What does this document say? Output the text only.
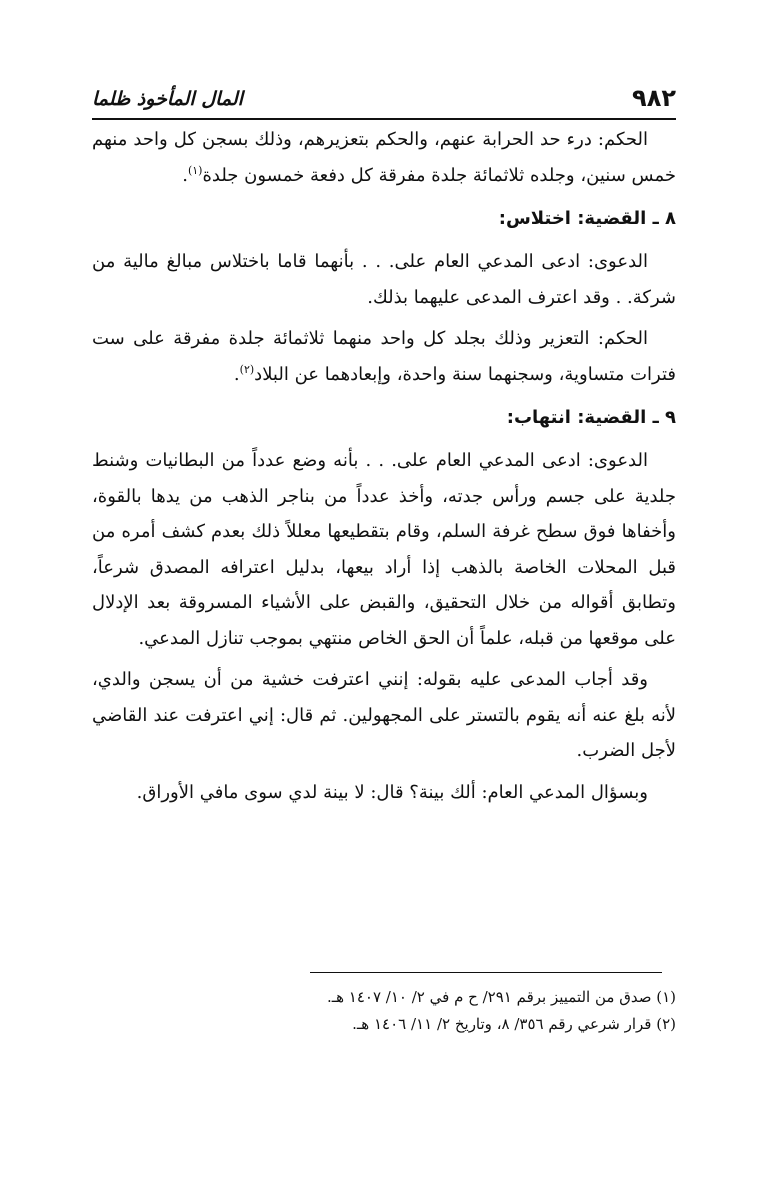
٩٨٢
المال المأخوذ ظلما

الحكم: درء حد الحرابة عنهم، والحكم بتعزيرهم، وذلك بسجن كل واحد منهم خمس سنين، وجلده ثلاثمائة جلدة مفرقة كل دفعة خمسون جلدة$^{(١)}$.

٨ ـ القضية: اختلاس:

الدعوى: ادعى المدعي العام على. . . بأنهما قاما باختلاس مبالغ مالية من شركة. . وقد اعترف المدعى عليهما بذلك.

الحكم: التعزير وذلك بجلد كل واحد منهما ثلاثمائة جلدة مفرقة على ست فترات متساوية، وسجنهما سنة واحدة، وإبعادهما عن البلاد$^{(٢)}$.

٩ ـ القضية: انتهاب:

الدعوى: ادعى المدعي العام على. . . بأنه وضع عدداً من البطانيات وشنط جلدية على جسم ورأس جدته، وأخذ عدداً من بناجر الذهب من يدها بالقوة، وأخفاها فوق سطح غرفة السلم، وقام بتقطيعها معللاً ذلك بعدم كشف أمره من قبل المحلات الخاصة بالذهب إذا أراد بيعها، بدليل اعترافه المصدق شرعاً، وتطابق أقواله من خلال التحقيق، والقبض على الأشياء المسروقة بعد الإدلال على موقعها من قبله، علماً أن الحق الخاص منتهي بموجب تنازل المدعي.

وقد أجاب المدعى عليه بقوله: إنني اعترفت خشية من أن يسجن والدي، لأنه بلغ عنه أنه يقوم بالتستر على المجهولين. ثم قال: إني اعترفت عند القاضي لأجل الضرب.

وبسؤال المدعي العام: ألك بينة؟ قال: لا بينة لدي سوى مافي الأوراق.

(١) صدق من التمييز برقم ٢٩١/ ح م في ٢/ ١٠/ ١٤٠٧ هـ.

(٢) قرار شرعي رقم ٣٥٦/ ٨، وتاريخ ٢/ ١١/ ١٤٠٦ هـ.
